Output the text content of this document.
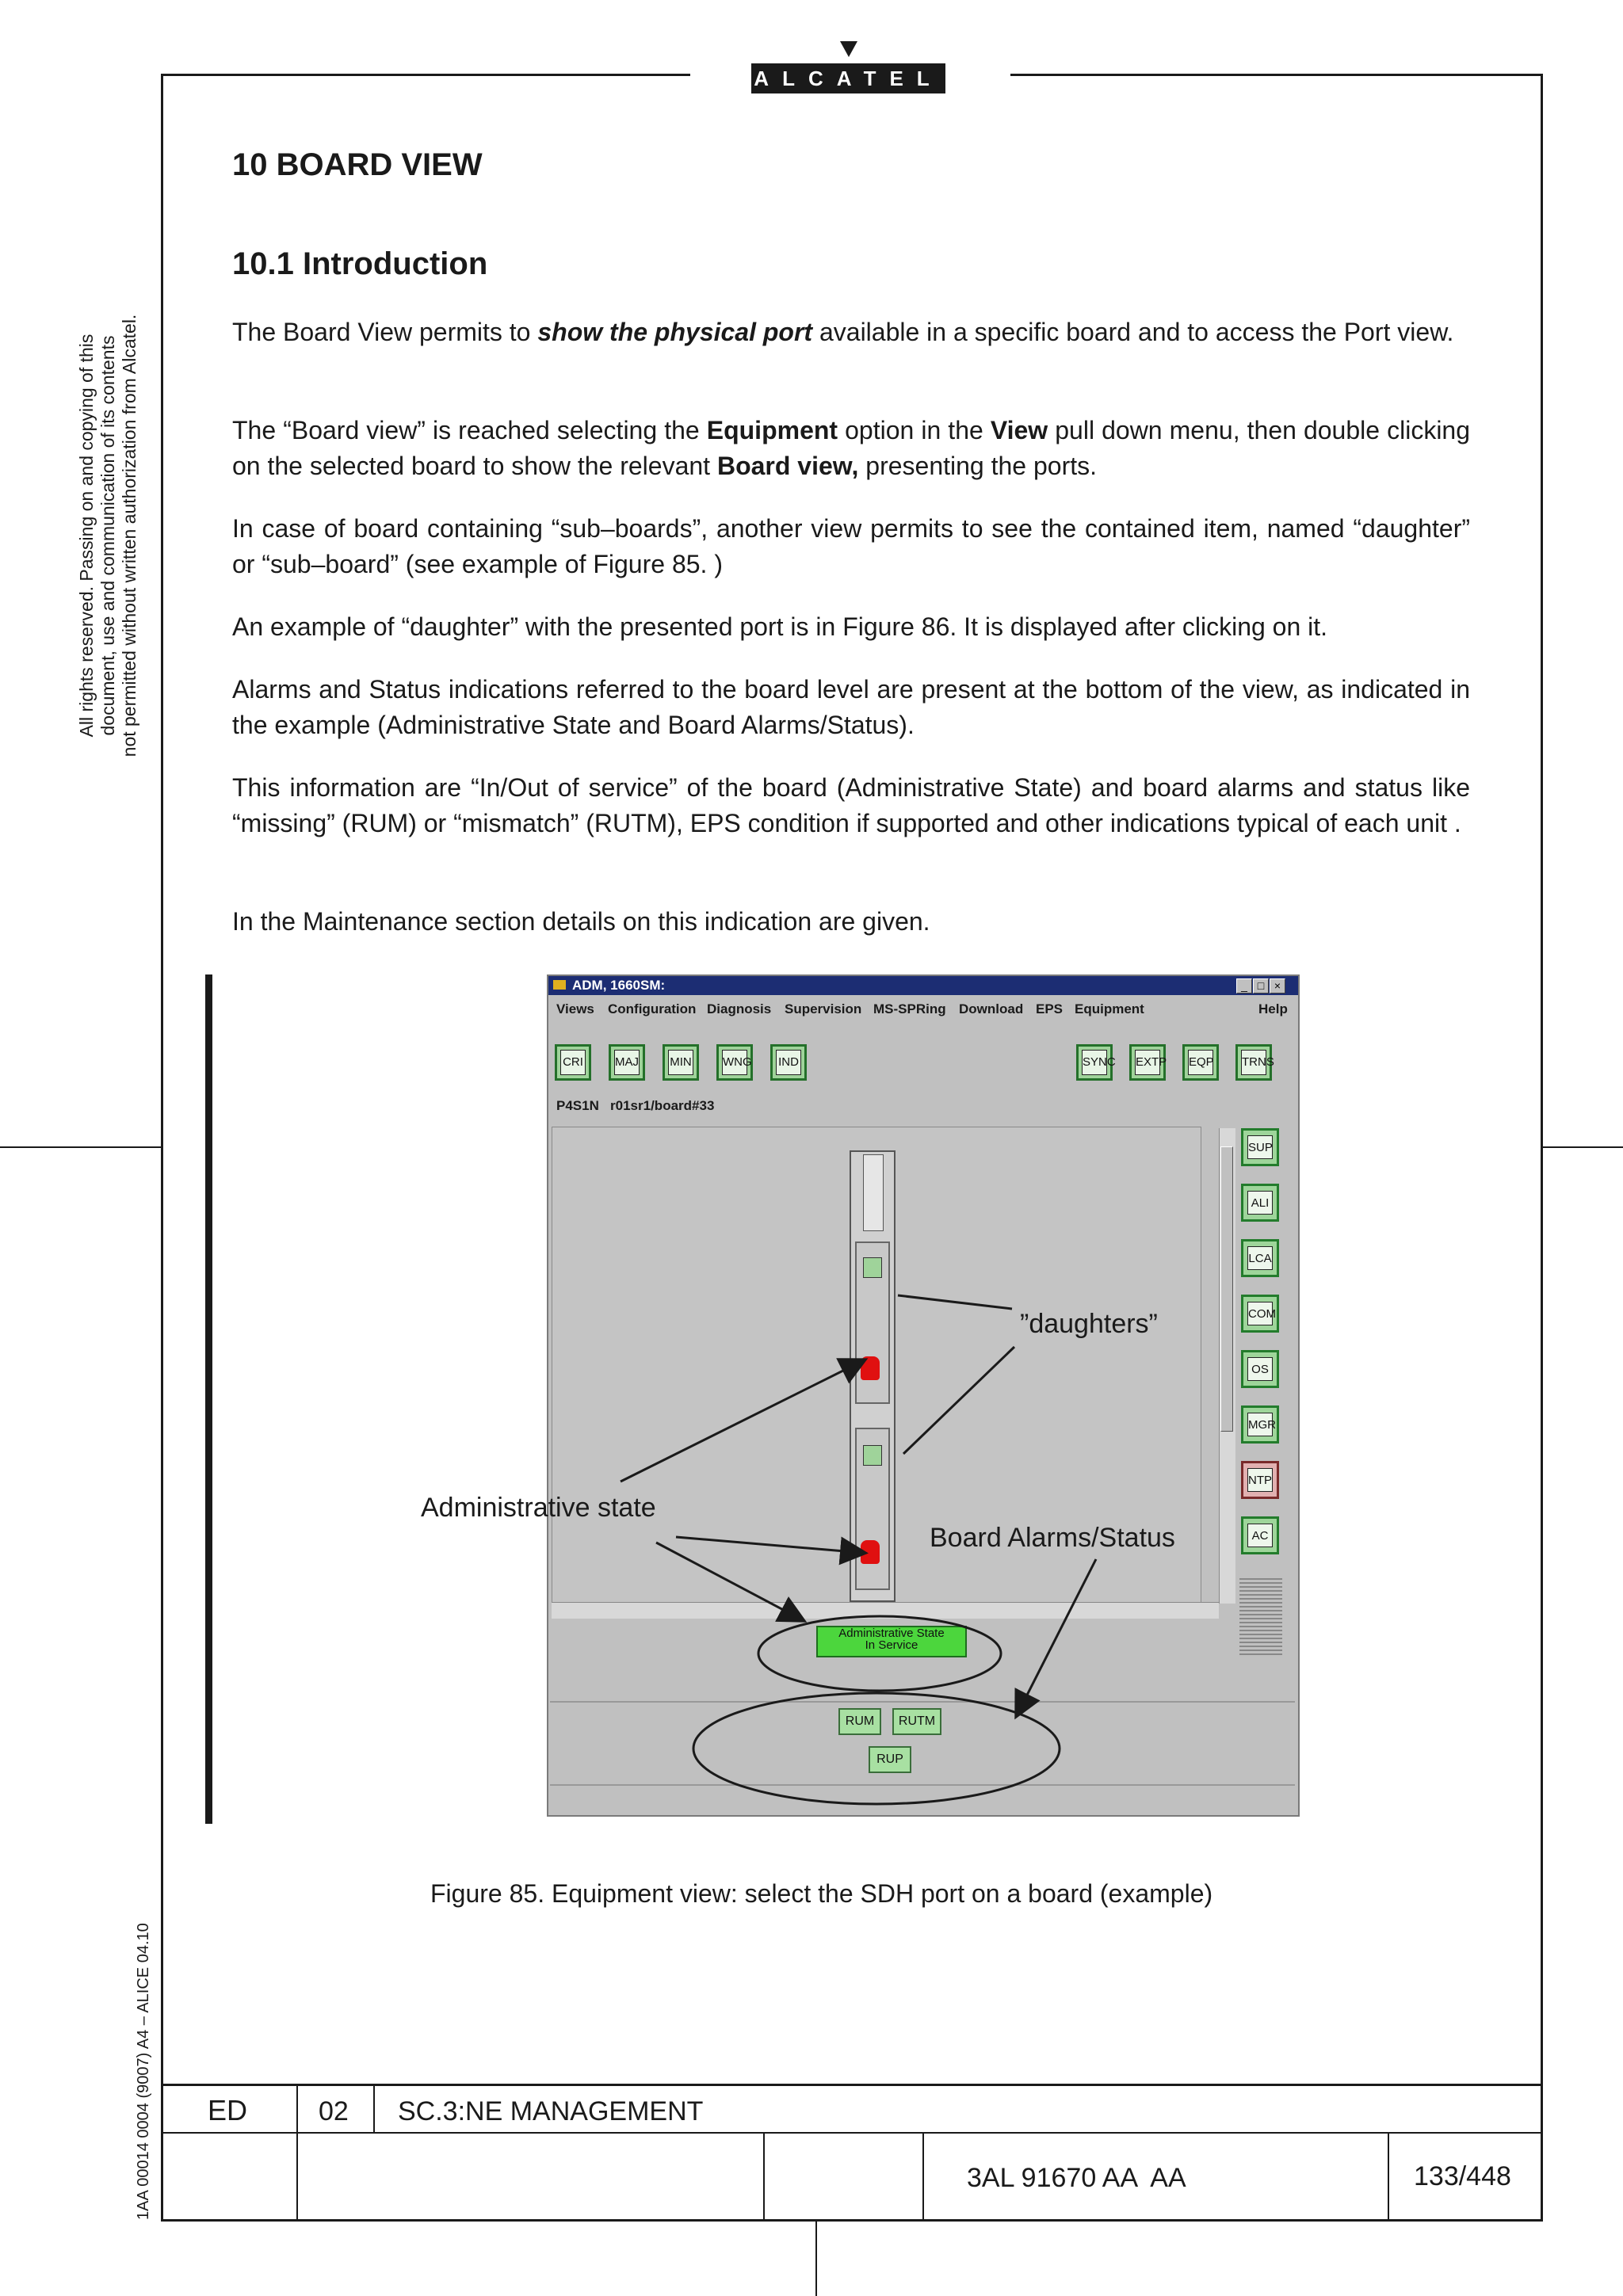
ALCATEL
All rights reserved. Passing on and copying of this document, use and communication of its contents not permitted without written authorization from Alcatel.
1AA 00014 0004 (9007) A4 – ALICE 04.10
10 BOARD VIEW
10.1 Introduction

The Board View permits to show the physical port available in a specific board and to access the Port view.

The “Board view” is reached selecting the Equipment option in the View pull down menu, then double clicking on the selected board to show the relevant Board view, presenting the ports.

In case of board containing “sub–boards”, another view permits to see the contained item, named “daughter” or “sub–board” (see example of Figure 85. )

An example of “daughter” with the presented port is in Figure 86. It is displayed after clicking on it.

Alarms and Status indications referred to the board level are present at the bottom of the view, as indicated in the example (Administrative State and Board Alarms/Status).

This information are “In/Out of service” of the board (Administrative State) and board alarms and status like “missing” (RUM) or “mismatch” (RUTM), EPS condition if supported and other indications typical of each unit .

In the Maintenance section details on this indication are given.

ADM, 1660SM:	_ □ ×
Views Configuration Diagnosis Supervision MS-SPRing Download EPS Equipment	Help
CRI	MAJ	MIN	WNG IND	SYNC EXTP EQP TRNS
P4S1N   r01sr1/board#33
SUP
ALI
LCA
COM
OS
MGR
NTP
AC
Administrative State
In Service
RUM	RUTM
RUP
”daughters”
Administrative state
Board Alarms/Status
Figure 85. Equipment view: select the SDH port on a board (example)
ED	02 SC.3:NE MANAGEMENT
3AL 91670 AA  AA	133/448
